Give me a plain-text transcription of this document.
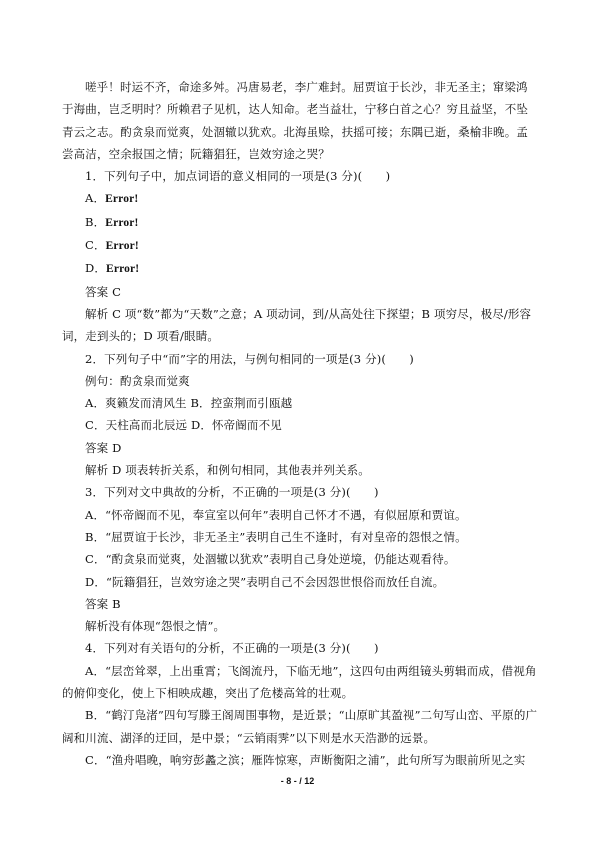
嗟乎！时运不齐，命途多舛。冯唐易老，李广难封。屈贾谊于长沙，非无圣主；窜梁鸿
于海曲，岂乏明时？所赖君子见机，达人知命。老当益壮，宁移白首之心？穷且益坚，不坠
青云之志。酌贪泉而觉爽，处涸辙以犹欢。北海虽赊，扶摇可接；东隅已逝，桑榆非晚。孟
尝高洁，空余报国之情；阮籍猖狂，岂效穷途之哭？
1．下列句子中，加点词语的意义相同的一项是(3 分)(　　)
A．Error!
B．Error!
C．Error!
D．Error!
答案 C
解析 C 项“数”都为“天数”之意；A 项动词，到/从高处往下探望；B 项穷尽，极尽/形容
词，走到头的；D 项看/眼睛。
2．下列句子中“而”字的用法，与例句相同的一项是(3 分)(　　)
例句：酌贪泉而觉爽
A．爽籁发而清风生 B．控蛮荆而引瓯越
C．天柱高而北辰远 D．怀帝阍而不见
答案 D
解析 D 项表转折关系，和例句相同，其他表并列关系。
3．下列对文中典故的分析，不正确的一项是(3 分)(　　)
A．“怀帝阍而不见，奉宣室以何年”表明自己怀才不遇，有似屈原和贾谊。
B．“屈贾谊于长沙，非无圣主”表明自己生不逢时，有对皇帝的怨恨之情。
C．“酌贪泉而觉爽，处涸辙以犹欢”表明自己身处逆境，仍能达观看待。
D．“阮籍猖狂，岂效穷途之哭”表明自己不会因怨世恨俗而放任自流。
答案 B
解析没有体现“怨恨之情”。
4．下列对有关语句的分析，不正确的一项是(3 分)(　　)
A．“层峦耸翠，上出重霄；飞阁流丹，下临无地”，这四句由两组镜头剪辑而成，借视角
的俯仰变化，使上下相映成趣，突出了危楼高耸的壮观。
B．“鹤汀凫渚”四句写滕王阁周围事物，是近景；“山原旷其盈视”二句写山峦、平原的广
阔和川流、湖泽的迂回，是中景；“云销雨霁”以下则是水天浩渺的远景。
C．“渔舟唱晚，响穷彭蠡之滨；雁阵惊寒，声断衡阳之浦”，此句所写为眼前所见之实
- 8 - / 12
